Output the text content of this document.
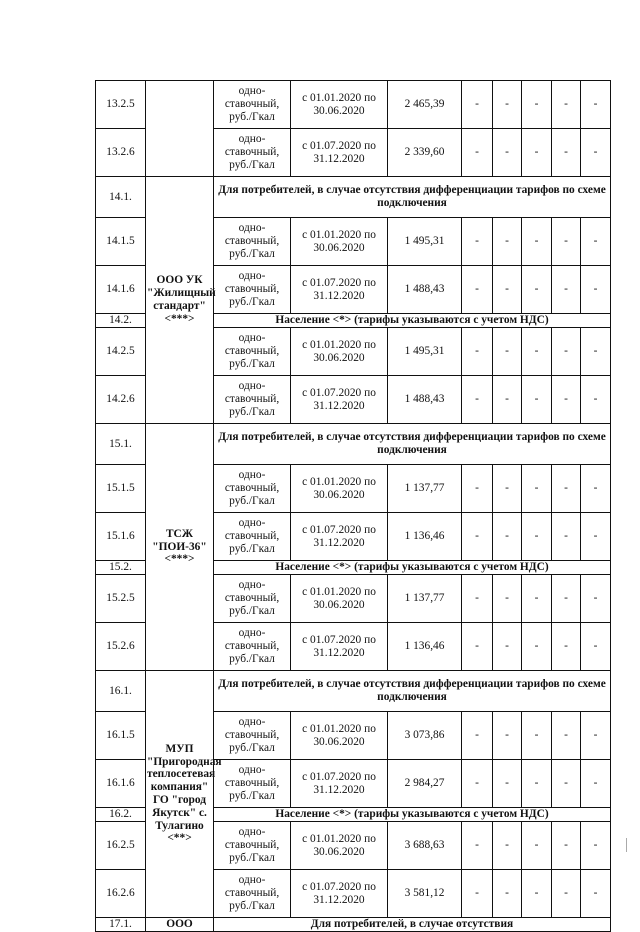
13.2.5		одно-ставочный, руб./Гкал	с 01.01.2020 по 30.06.2020	2 465,39	-	-	-	-	-
13.2.6		одно-ставочный, руб./Гкал	с 01.07.2020 по 31.12.2020	2 339,60	-	-	-	-	-
14.1.	ООО УК "Жилищный стандарт" <***>	Для потребителей, в случае отсутствия дифференциации тарифов по схеме подключения							
14.1.5		одно-ставочный, руб./Гкал	с 01.01.2020 по 30.06.2020	1 495,31	-	-	-	-	-
14.1.6		одно-ставочный, руб./Гкал	с 01.07.2020 по 31.12.2020	1 488,43	-	-	-	-	-
14.2.		Население <*> (тарифы указываются с учетом НДС)							
14.2.5		одно-ставочный, руб./Гкал	с 01.01.2020 по 30.06.2020	1 495,31	-	-	-	-	-
14.2.6		одно-ставочный, руб./Гкал	с 01.07.2020 по 31.12.2020	1 488,43	-	-	-	-	-
15.1.	ТСЖ "ПОИ-36" <***>	Для потребителей, в случае отсутствия дифференциации тарифов по схеме подключения							
15.1.5		одно-ставочный, руб./Гкал	с 01.01.2020 по 30.06.2020	1 137,77	-	-	-	-	-
15.1.6		одно-ставочный, руб./Гкал	с 01.07.2020 по 31.12.2020	1 136,46	-	-	-	-	-
15.2.		Население <*> (тарифы указываются с учетом НДС)							
15.2.5		одно-ставочный, руб./Гкал	с 01.01.2020 по 30.06.2020	1 137,77	-	-	-	-	-
15.2.6		одно-ставочный, руб./Гкал	с 01.07.2020 по 31.12.2020	1 136,46	-	-	-	-	-
16.1.	МУП "Пригородная теплосетевая компания" ГО "город Якутск" с. Тулагино <**>	Для потребителей, в случае отсутствия дифференциации тарифов по схеме подключения							
16.1.5		одно-ставочный, руб./Гкал	с 01.01.2020 по 30.06.2020	3 073,86	-	-	-	-	-
16.1.6		одно-ставочный, руб./Гкал	с 01.07.2020 по 31.12.2020	2 984,27	-	-	-	-	-
16.2.		Население <*> (тарифы указываются с учетом НДС)							
16.2.5		одно-ставочный, руб./Гкал	с 01.01.2020 по 30.06.2020	3 688,63	-	-	-	-	-
16.2.6		одно-ставочный, руб./Гкал	с 01.07.2020 по 31.12.2020	3 581,12	-	-	-	-	-
17.1.	ООО	Для потребителей, в случае отсутствия							
